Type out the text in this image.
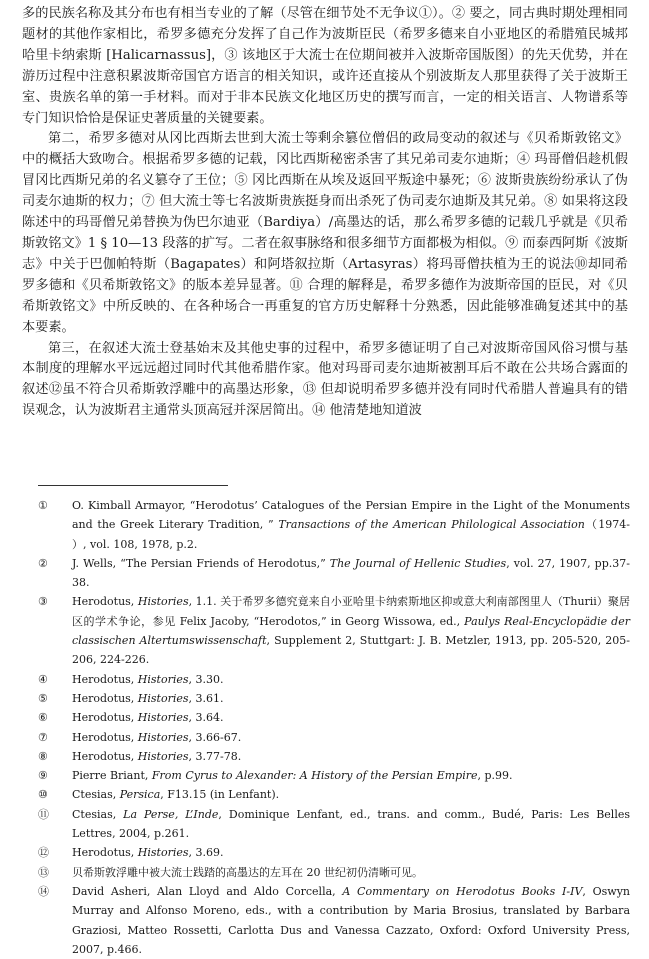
多的民族名称及其分布也有相当专业的了解（尽管在细节处不无争议①）。② 要之，同古典时期处理相同题材的其他作家相比，希罗多德充分发挥了自己作为波斯臣民（希罗多德来自小亚地区的希腊殖民城邦哈里卡纳索斯 [Halicarnassus]，③ 该地区于大流士在位期间被并入波斯帝国版图）的先天优势，并在游历过程中注意积累波斯帝国官方语言的相关知识，或许还直接从个别波斯友人那里获得了关于波斯王室、贵族名单的第一手材料。而对于非本民族文化地区历史的撰写而言，一定的相关语言、人物谱系等专门知识恰恰是保证史著质量的关键要素。

第二，希罗多德对从冈比西斯去世到大流士等剩余篡位僧侣的政局变动的叙述与《贝希斯敦铭文》中的概括大致吻合。根据希罗多德的记载，冈比西斯秘密杀害了其兄弟司麦尔迪斯；④ 玛哥僧侣趁机假冒冈比西斯兄弟的名义篡夺了王位；⑤ 冈比西斯在从埃及返回平叛途中暴死；⑥ 波斯贵族纷纷承认了伪司麦尔迪斯的权力；⑦ 但大流士等七名波斯贵族挺身而出杀死了伪司麦尔迪斯及其兄弟。⑧ 如果将这段陈述中的玛哥僧兄弟替换为伪巴尔迪亚（Bardiya）/高墨达的话，那么希罗多德的记载几乎就是《贝希斯敦铭文》1 § 10—13 段落的扩写。二者在叙事脉络和很多细节方面都极为相似。⑨ 而泰西阿斯《波斯志》中关于巴伽帕特斯（Bagapates）和阿塔叙拉斯（Artasyras）将玛哥僧扶植为王的说法⑩却同希罗多德和《贝希斯敦铭文》的版本差异显著。⑪ 合理的解释是，希罗多德作为波斯帝国的臣民，对《贝希斯敦铭文》中所反映的、在各种场合一再重复的官方历史解释十分熟悉，因此能够准确复述其中的基本要素。

第三，在叙述大流士登基始末及其他史事的过程中，希罗多德证明了自己对波斯帝国风俗习惯与基本制度的理解水平远远超过同时代其他希腊作家。他对玛哥司麦尔迪斯被割耳后不敢在公共场合露面的叙述⑫虽不符合贝希斯敦浮雕中的高墨达形象，⑬ 但却说明希罗多德并没有同时代希腊人普遍具有的错误观念，认为波斯君主通常头顶高冠并深居简出。⑭ 他清楚地知道波

①	O. Kimball Armayor, “Herodotus’ Catalogues of the Persian Empire in the Light of the Monuments and the Greek Literary Tradition, ” Transactions of the American Philological Association（1974- ）, vol. 108, 1978, p.2.
②	J. Wells, “The Persian Friends of Herodotus,” The Journal of Hellenic Studies, vol. 27, 1907, pp.37-38.
③	Herodotus, Histories, 1.1. 关于希罗多德究竟来自小亚哈里卡纳索斯地区抑或意大利南部图里人（Thurii）聚居区的学术争论，参见 Felix Jacoby, “Herodotos,” in Georg Wissowa, ed., Paulys Real-Encyclopädie der classischen Altertumswissenschaft, Supplement 2, Stuttgart: J. B. Metzler, 1913, pp. 205-520, 205-206, 224-226.
④	Herodotus, Histories, 3.30.
⑤	Herodotus, Histories, 3.61.
⑥	Herodotus, Histories, 3.64.
⑦	Herodotus, Histories, 3.66-67.
⑧	Herodotus, Histories, 3.77-78.
⑨	Pierre Briant, From Cyrus to Alexander: A History of the Persian Empire, p.99.
⑩	Ctesias, Persica, F13.15 (in Lenfant).
⑪	Ctesias, La Perse, L’Inde, Dominique Lenfant, ed., trans. and comm., Budé, Paris: Les Belles Lettres, 2004, p.261.
⑫	Herodotus, Histories, 3.69.
⑬	贝希斯敦浮雕中被大流士践踏的高墨达的左耳在 20 世纪初仍清晰可见。
⑭	David Asheri, Alan Lloyd and Aldo Corcella, A Commentary on Herodotus Books I-IV, Oswyn Murray and Alfonso Moreno, eds., with a contribution by Maria Brosius, translated by Barbara Graziosi, Matteo Rossetti, Carlotta Dus and Vanessa Cazzato, Oxford: Oxford University Press, 2007, p.466.
